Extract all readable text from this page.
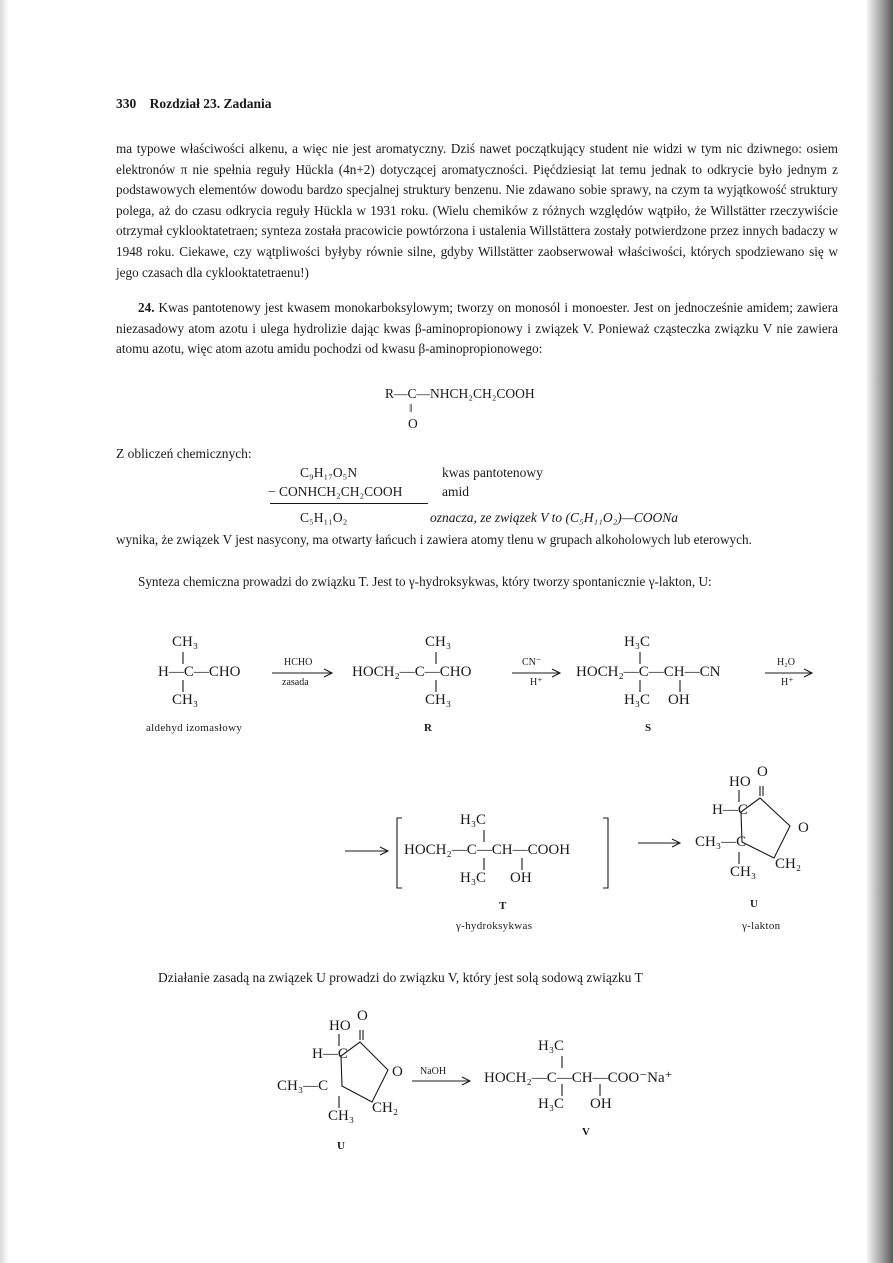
330 Rozdział 23. Zadania

ma typowe właściwości alkenu, a więc nie jest aromatyczny. Dziś nawet początkujący student nie widzi w tym nic dziwnego: osiem elektronów π nie spełnia reguły Hückla (4n+2) dotyczącej aromatyczności. Pięćdziesiąt lat temu jednak to odkrycie było jednym z podstawowych elementów dowodu bardzo specjalnej struktury benzenu. Nie zdawano sobie sprawy, na czym ta wyjątkowość struktury polega, aż do czasu odkrycia reguły Hückla w 1931 roku. (Wielu chemików z różnych względów wątpiło, że Willstätter rzeczywiście otrzymał cyklooktatetraen; synteza została pracowicie powtórzona i ustalenia Willstättera zostały potwierdzone przez innych badaczy w 1948 roku. Ciekawe, czy wątpliwości byłyby równie silne, gdyby Willstätter zaobserwował właściwości, których spodziewano się w jego czasach dla cyklooktatetraenu!)

24. Kwas pantotenowy jest kwasem monokarboksylowym; tworzy on monosól i monoester. Jest on jednocześnie amidem; zawiera niezasadowy atom azotu i ulega hydrolizie dając kwas β-aminopropionowy i związek V. Ponieważ cząsteczka związku V nie zawiera atomu azotu, więc atom azotu amidu pochodzi od kwasu β-aminopropionowego:

R—C—NHCH₂CH₂COOH
‖
O
Z obliczeń chemicznych:
C₉H₁₇O₅N	kwas pantotenowy
− CONHCH₂CH₂COOH	amid
C₅H₁₁O₂	oznacza, ze związek V to (C₅H₁₁O₂)—COONa

wynika, że związek V jest nasycony, ma otwarty łańcuch i zawiera atomy tlenu w grupach alkoholowych lub eterowych.

Synteza chemiczna prowadzi do związku T. Jest to γ-hydroksykwas, który tworzy spontanicznie γ-lakton, U:

CH₃
H—C—CHO
CH₃
aldehyd izomasłowy
HCHO
zasada
CH₃
HOCH₂—C—CHO
CH₃
R
CN⁻
H⁺
H₃C
HOCH₂—C—CH—CN
H₃C OH
S
H₂O
H⁺
H₃C
HOCH₂—C—CH—COOH
H₃C OH
T
γ-hydroksykwas
O
HO
H—C
O
CH₃—C
CH₂
CH₃
U
γ-lakton

Działanie zasadą na związek U prowadzi do związku V, który jest solą sodową związku T

O
HO
H—C
O
CH₃—C
CH₂
CH₃
U
NaOH
H₃C
HOCH₂—C—CH—COO⁻Na⁺
H₃C OH
V
